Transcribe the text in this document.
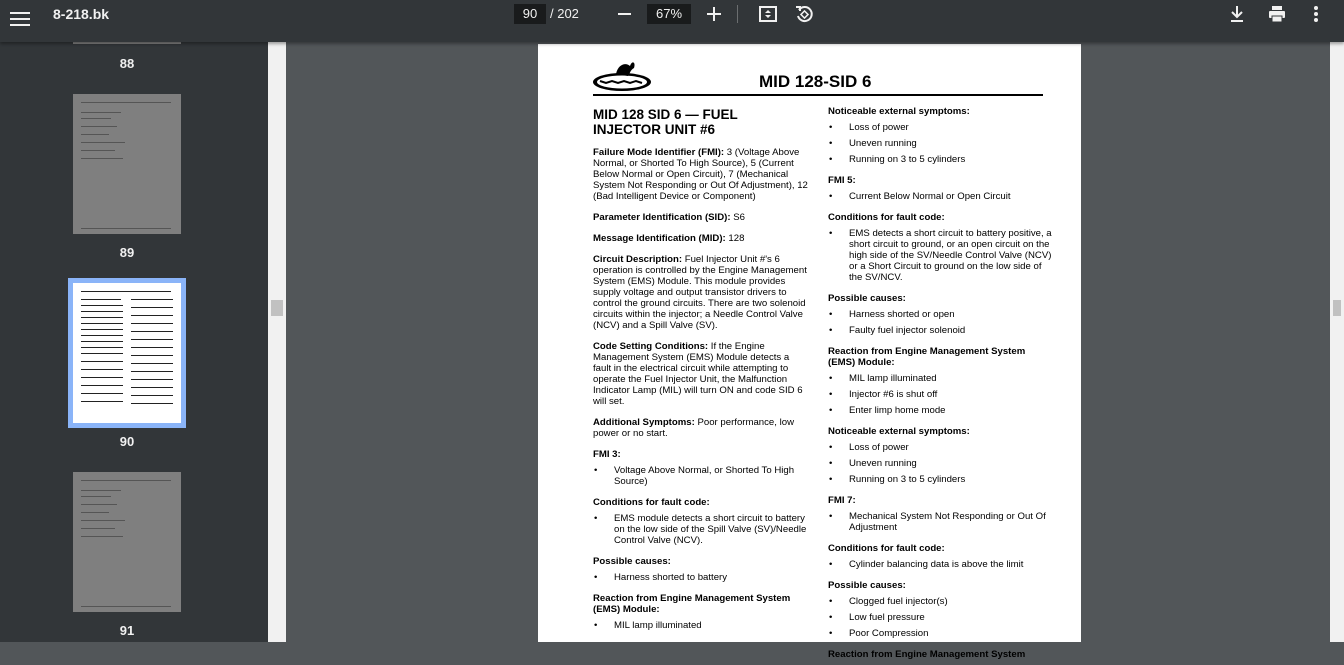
8-218.bk	90 / 202	67%
88
89
90
91
MID 128-SID 6
MID 128 SID 6 — FUEL INJECTOR UNIT #6
Failure Mode Identifier (FMI): 3 (Voltage Above Normal, or Shorted To High Source), 5 (Current Below Normal or Open Circuit), 7 (Mechanical System Not Responding or Out Of Adjustment), 12 (Bad Intelligent Device or Component)
Parameter Identification (SID): S6
Message Identification (MID): 128
Circuit Description: Fuel Injector Unit #'s 6 operation is controlled by the Engine Management System (EMS) Module. This module provides supply voltage and output transistor drivers to control the ground circuits. There are two solenoid circuits within the injector; a Needle Control Valve (NCV) and a Spill Valve (SV).
Code Setting Conditions: If the Engine Management System (EMS) Module detects a fault in the electrical circuit while attempting to operate the Fuel Injector Unit, the Malfunction Indicator Lamp (MIL) will turn ON and code SID 6 will set.
Additional Symptoms: Poor performance, low power or no start.
FMI 3:
• Voltage Above Normal, or Shorted To High Source)
Conditions for fault code:
• EMS module detects a short circuit to battery on the low side of the Spill Valve (SV)/Needle Control Valve (NCV).
Possible causes:
• Harness shorted to battery
Reaction from Engine Management System (EMS) Module:
• MIL lamp illuminated
Noticeable external symptoms:
• Loss of power
• Uneven running
• Running on 3 to 5 cylinders
FMI 5:
• Current Below Normal or Open Circuit
Conditions for fault code:
• EMS detects a short circuit to battery positive, a short circuit to ground, or an open circuit on the high side of the SV/Needle Control Valve (NCV) or a Short Circuit to ground on the low side of the SV/NCV.
Possible causes:
• Harness shorted or open
• Faulty fuel injector solenoid
Reaction from Engine Management System (EMS) Module:
• MIL lamp illuminated
• Injector #6 is shut off
• Enter limp home mode
Noticeable external symptoms:
• Loss of power
• Uneven running
• Running on 3 to 5 cylinders
FMI 7:
• Mechanical System Not Responding or Out Of Adjustment
Conditions for fault code:
• Cylinder balancing data is above the limit
Possible causes:
• Clogged fuel injector(s)
• Low fuel pressure
• Poor Compression
Reaction from Engine Management System
